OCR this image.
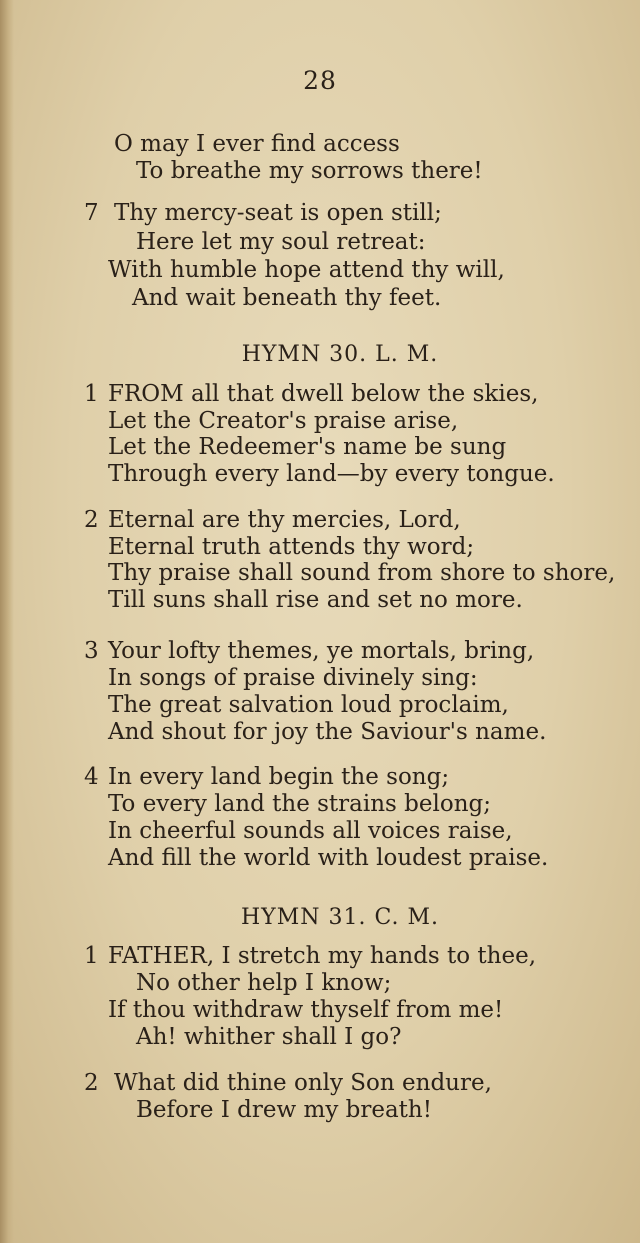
28
O may I ever find access
To breathe my sorrows there!
7 Thy mercy-seat is open still;
Here let my soul retreat:
With humble hope attend thy will,
And wait beneath thy feet.
HYMN 30. L. M.
1 FROM all that dwell below the skies,
Let the Creator's praise arise,
Let the Redeemer's name be sung
Through every land—by every tongue.
2 Eternal are thy mercies, Lord,
Eternal truth attends thy word;
Thy praise shall sound from shore to shore,
Till suns shall rise and set no more.
3 Your lofty themes, ye mortals, bring,
In songs of praise divinely sing:
The great salvation loud proclaim,
And shout for joy the Saviour's name.
4 In every land begin the song;
To every land the strains belong;
In cheerful sounds all voices raise,
And fill the world with loudest praise.
HYMN 31. C. M.
1 FATHER, I stretch my hands to thee,
No other help I know;
If thou withdraw thyself from me!
Ah! whither shall I go?
2 What did thine only Son endure,
Before I drew my breath!
